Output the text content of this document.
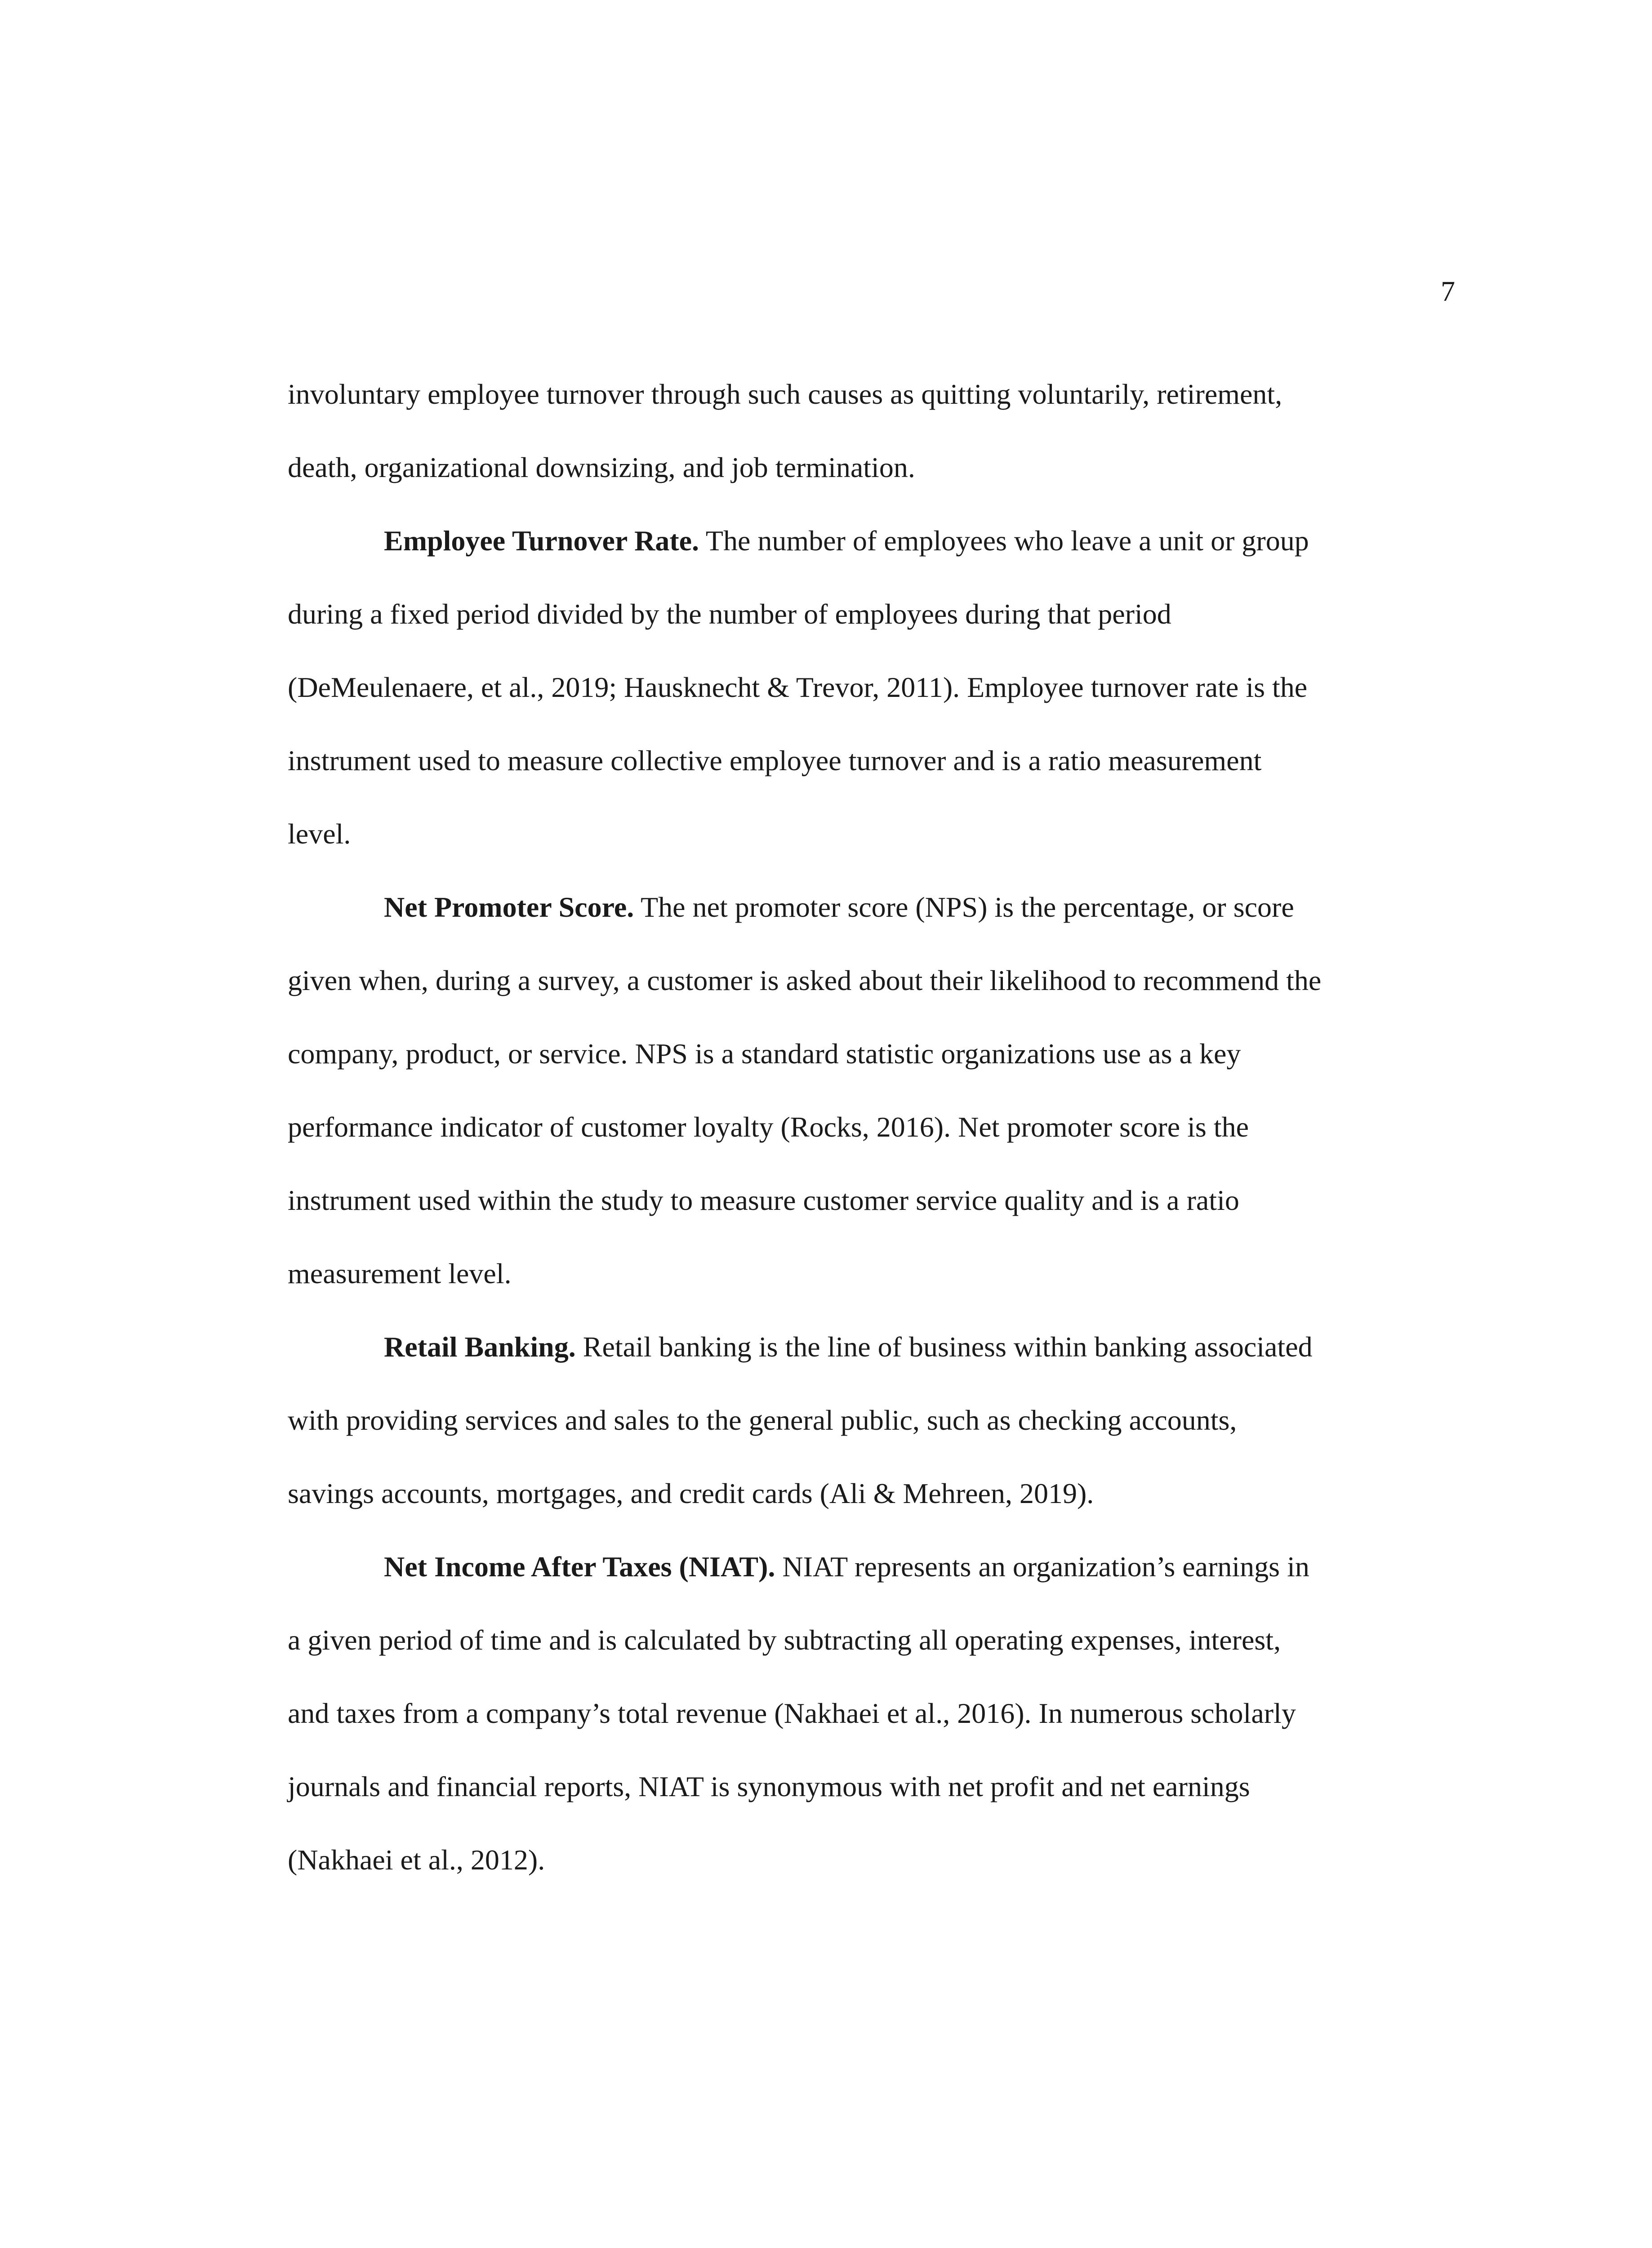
7

involuntary employee turnover through such causes as quitting voluntarily, retirement,
death, organizational downsizing, and job termination.

Employee Turnover Rate. The number of employees who leave a unit or group
during a fixed period divided by the number of employees during that period
(DeMeulenaere, et al., 2019; Hausknecht & Trevor, 2011). Employee turnover rate is the
instrument used to measure collective employee turnover and is a ratio measurement
level.

Net Promoter Score. The net promoter score (NPS) is the percentage, or score
given when, during a survey, a customer is asked about their likelihood to recommend the
company, product, or service. NPS is a standard statistic organizations use as a key
performance indicator of customer loyalty (Rocks, 2016). Net promoter score is the
instrument used within the study to measure customer service quality and is a ratio
measurement level.

Retail Banking. Retail banking is the line of business within banking associated
with providing services and sales to the general public, such as checking accounts,
savings accounts, mortgages, and credit cards (Ali & Mehreen, 2019).

Net Income After Taxes (NIAT). NIAT represents an organization’s earnings in
a given period of time and is calculated by subtracting all operating expenses, interest,
and taxes from a company’s total revenue (Nakhaei et al., 2016). In numerous scholarly
journals and financial reports, NIAT is synonymous with net profit and net earnings
(Nakhaei et al., 2012).
